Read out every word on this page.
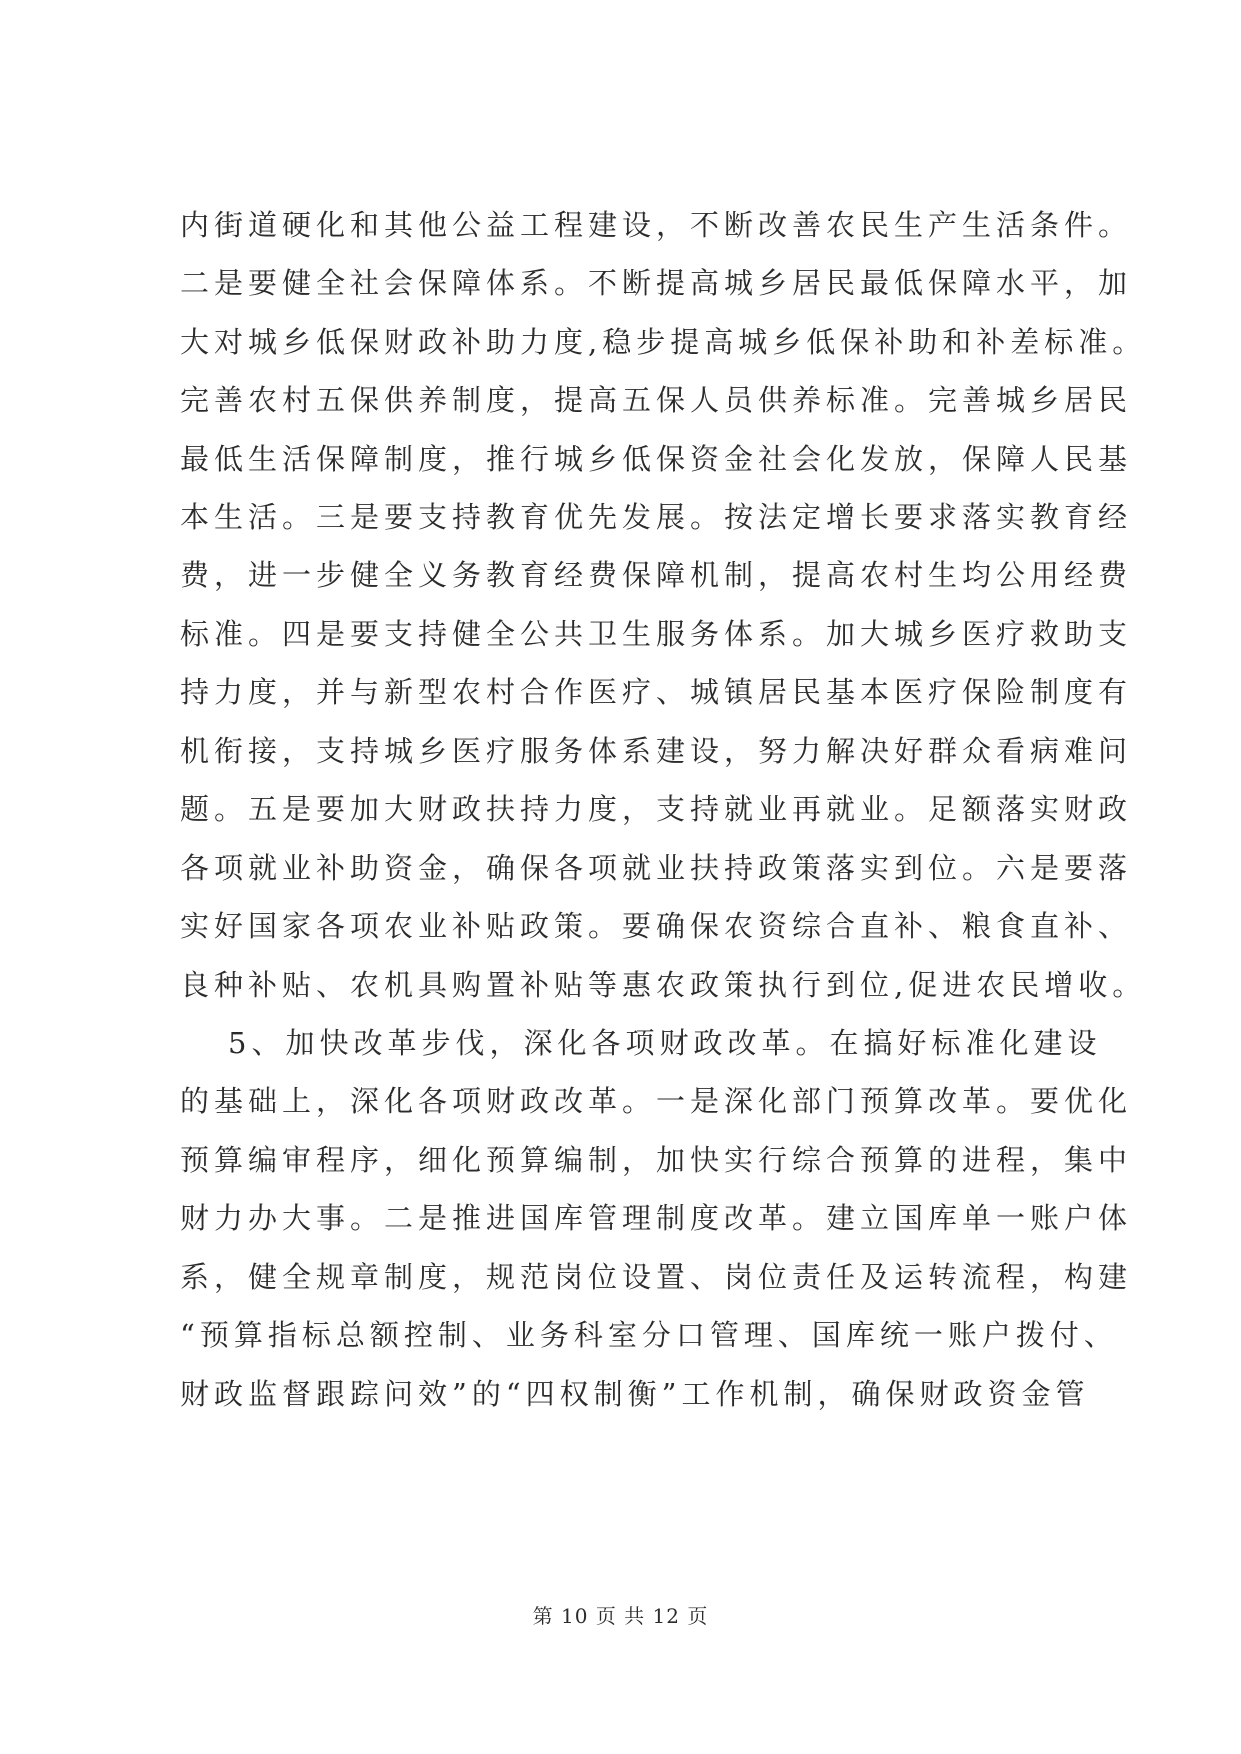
内街道硬化和其他公益工程建设，不断改善农民生产生活条件。
二是要健全社会保障体系。不断提高城乡居民最低保障水平，加
大对城乡低保财政补助力度,稳步提高城乡低保补助和补差标准。
完善农村五保供养制度，提高五保人员供养标准。完善城乡居民
最低生活保障制度，推行城乡低保资金社会化发放，保障人民基
本生活。三是要支持教育优先发展。按法定增长要求落实教育经
费，进一步健全义务教育经费保障机制，提高农村生均公用经费
标准。四是要支持健全公共卫生服务体系。加大城乡医疗救助支
持力度，并与新型农村合作医疗、城镇居民基本医疗保险制度有
机衔接，支持城乡医疗服务体系建设，努力解决好群众看病难问
题。五是要加大财政扶持力度，支持就业再就业。足额落实财政
各项就业补助资金，确保各项就业扶持政策落实到位。六是要落
实好国家各项农业补贴政策。要确保农资综合直补、粮食直补、
良种补贴、农机具购置补贴等惠农政策执行到位,促进农民增收。
5、加快改革步伐，深化各项财政改革。在搞好标准化建设
的基础上，深化各项财政改革。一是深化部门预算改革。要优化
预算编审程序，细化预算编制，加快实行综合预算的进程，集中
财力办大事。二是推进国库管理制度改革。建立国库单一账户体
系，健全规章制度，规范岗位设置、岗位责任及运转流程，构建
“预算指标总额控制、业务科室分口管理、国库统一账户拨付、
财政监督跟踪问效”的“四权制衡”工作机制，确保财政资金管
第 10 页 共 12 页
